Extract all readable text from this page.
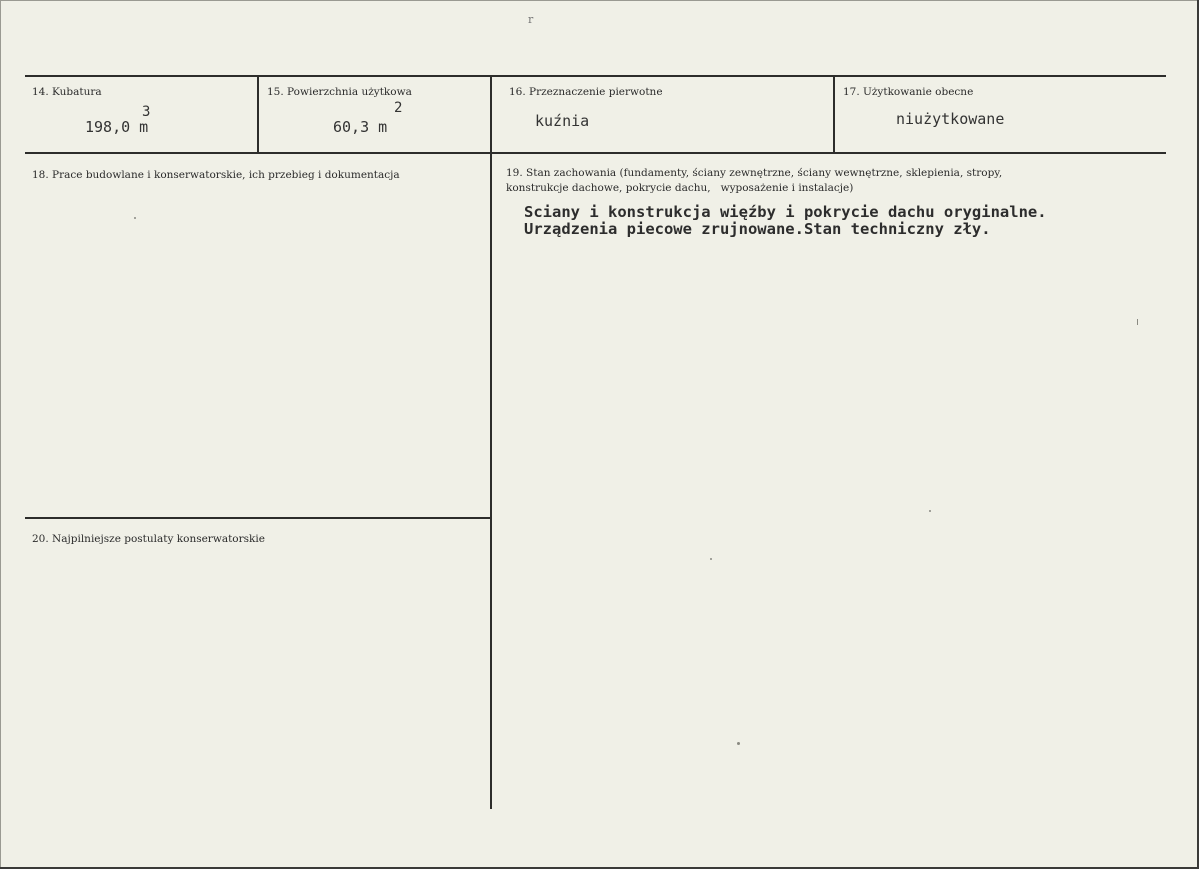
r
14. Kubatura
198,0 m
3
15. Powierzchnia użytkowa
60,3 m
2
16. Przeznaczenie pierwotne
kuźnia
17. Użytkowanie obecne
niużytkowane
18. Prace budowlane i konserwatorskie, ich przebieg i dokumentacja	19. Stan zachowania (fundamenty, ściany zewnętrzne, ściany wewnętrzne, sklepienia, stropy,
konstrukcje dachowe, pokrycie dachu,   wyposażenie i instalacje)
Sciany i konstrukcja więźby i pokrycie dachu oryginalne.
Urządzenia piecowe zrujnowane.Stan techniczny zły.
20. Najpilniejsze postulaty konserwatorskie
